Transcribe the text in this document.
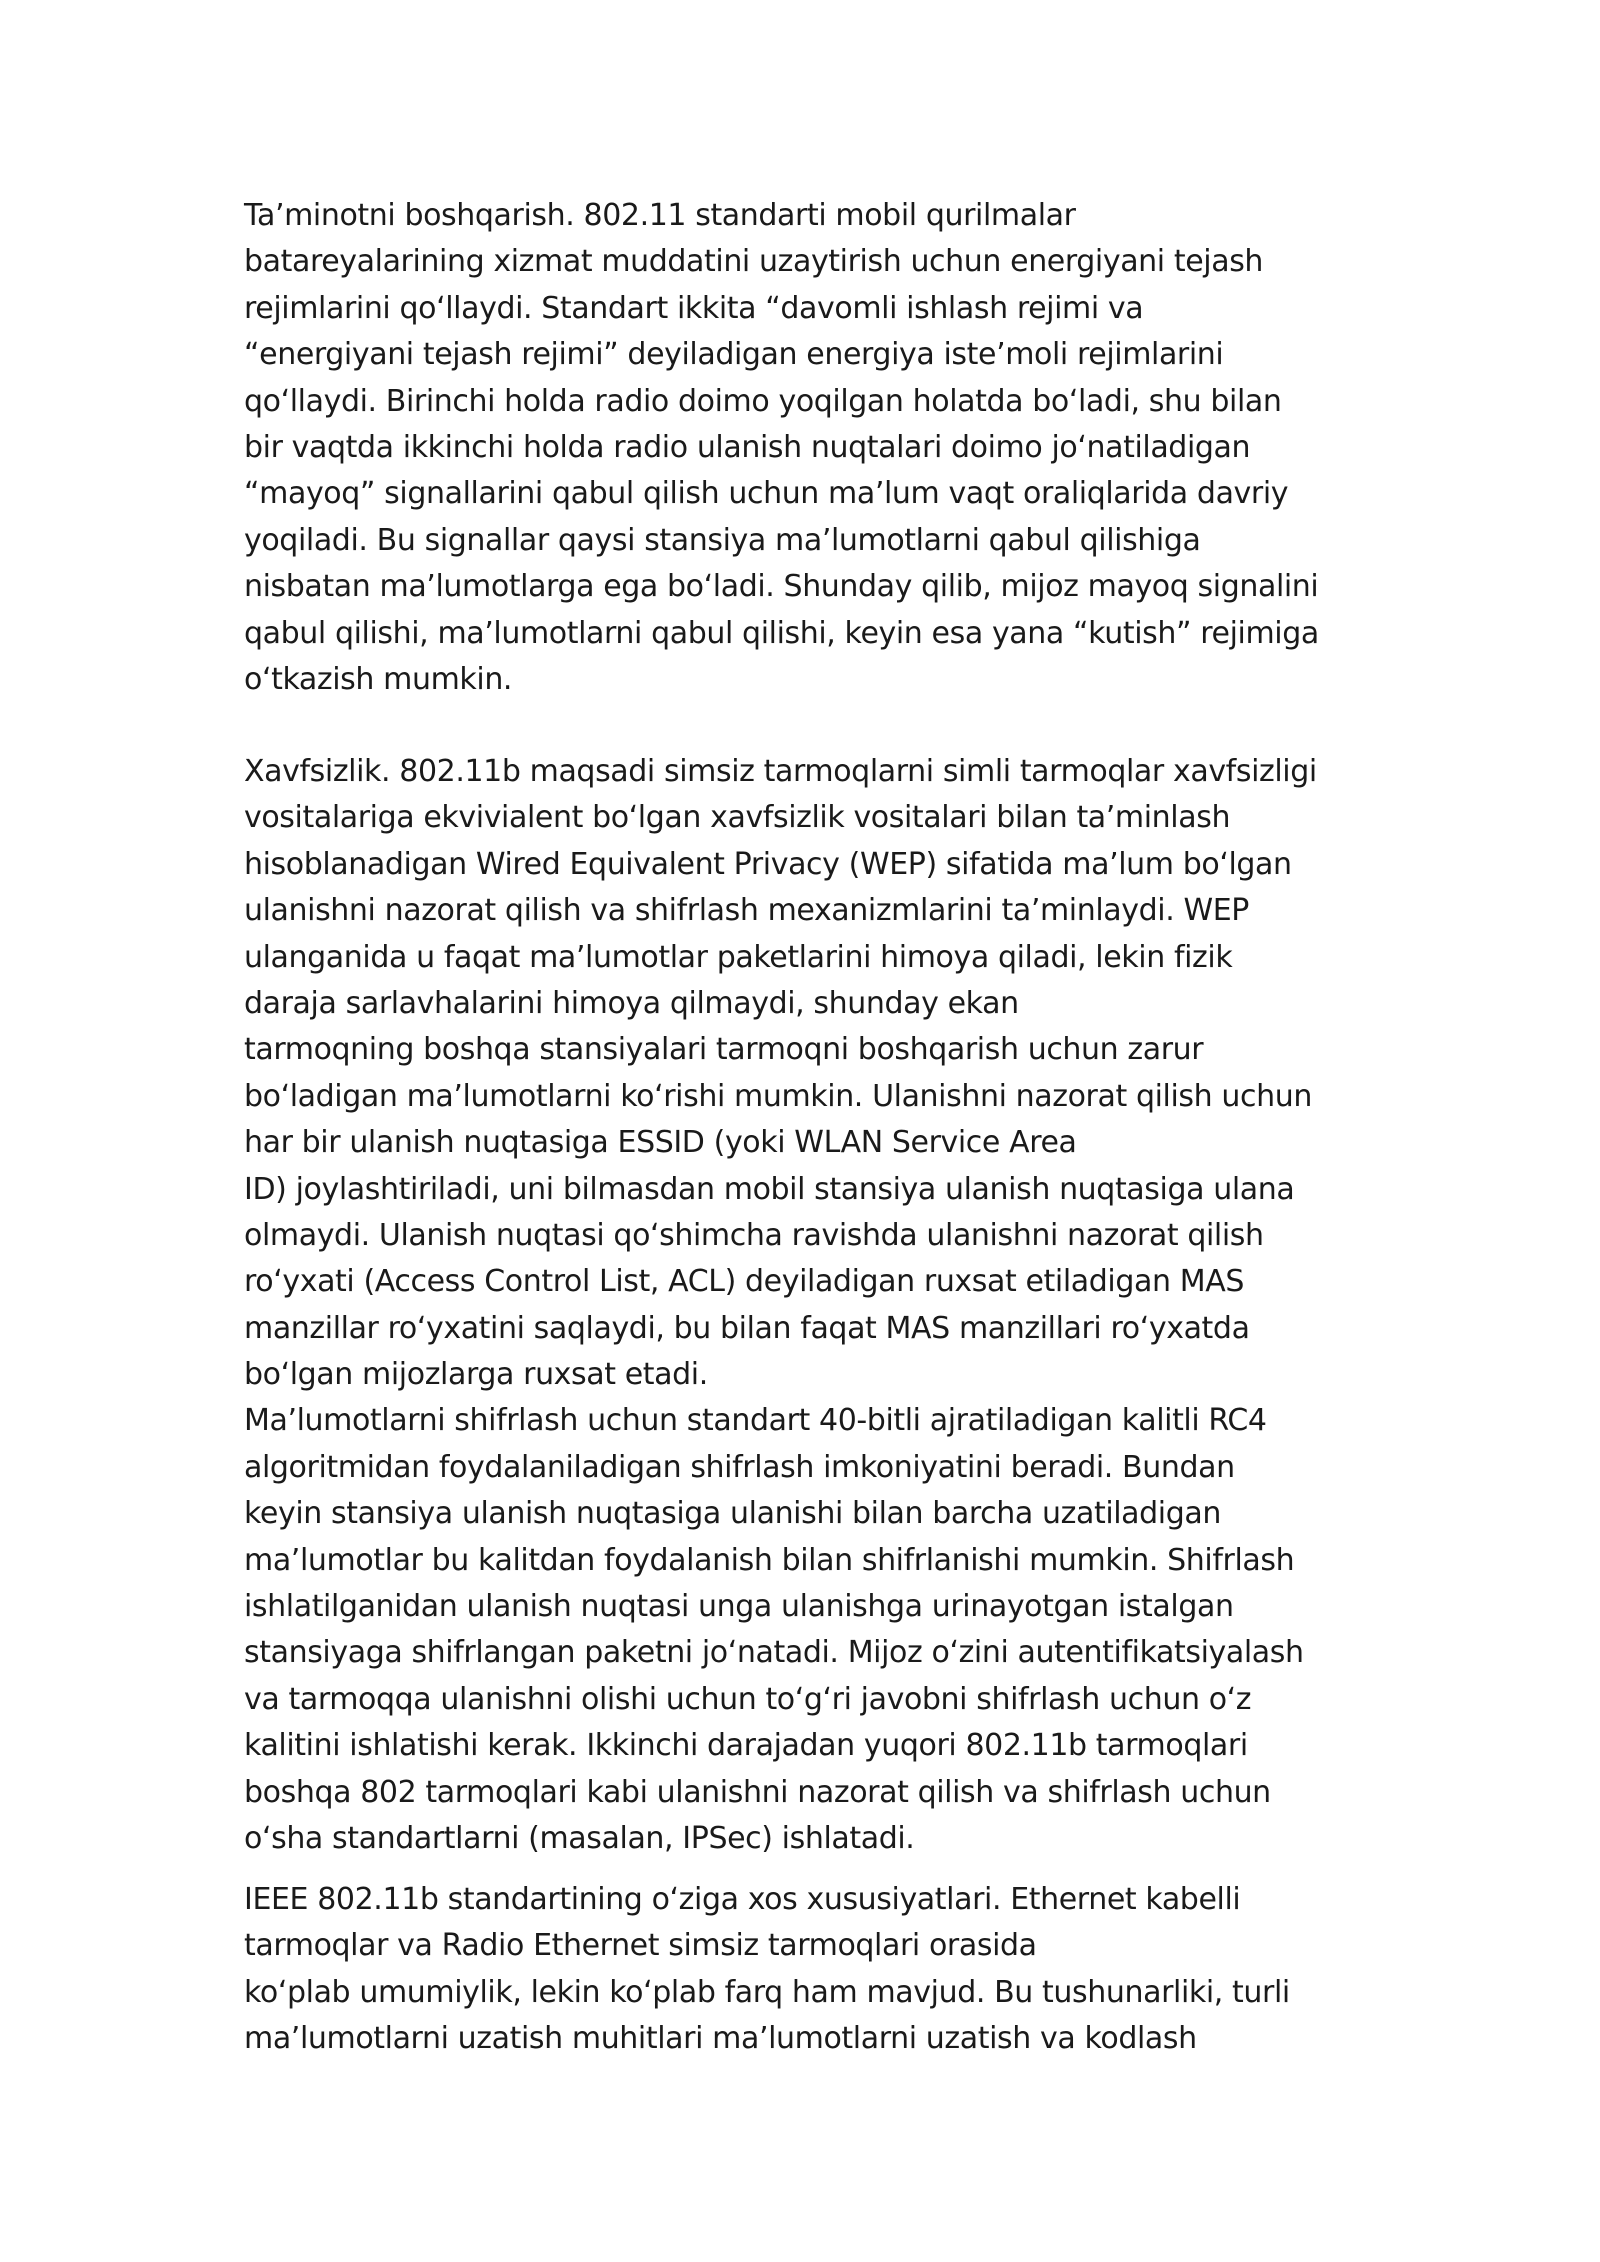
Ta’minotni boshqarish. 802.11 standarti mobil qurilmalar
batareyalarining xizmat muddatini uzaytirish uchun energiyani tejash
rejimlarini qo‘llaydi. Standart ikkita “davomli ishlash rejimi va
“energiyani tejash rejimi” deyiladigan energiya iste’moli rejimlarini
qo‘llaydi. Birinchi holda radio doimo yoqilgan holatda bo‘ladi, shu bilan
bir vaqtda ikkinchi holda radio ulanish nuqtalari doimo jo‘natiladigan
“mayoq” signallarini qabul qilish uchun ma’lum vaqt oraliqlarida davriy
yoqiladi. Bu signallar qaysi stansiya ma’lumotlarni qabul qilishiga
nisbatan ma’lumotlarga ega bo‘ladi. Shunday qilib, mijoz mayoq signalini
qabul qilishi, ma’lumotlarni qabul qilishi, keyin esa yana “kutish” rejimiga
o‘tkazish mumkin.
Xavfsizlik. 802.11b maqsadi simsiz tarmoqlarni simli tarmoqlar xavfsizligi
vositalariga ekvivialent bo‘lgan xavfsizlik vositalari bilan ta’minlash
hisoblanadigan Wired Equivalent Privacy (WEP) sifatida ma’lum bo‘lgan
ulanishni nazorat qilish va shifrlash mexanizmlarini ta’minlaydi. WEP
ulanganida u faqat ma’lumotlar paketlarini himoya qiladi, lekin fizik
daraja sarlavhalarini himoya qilmaydi, shunday ekan
tarmoqning boshqa stansiyalari tarmoqni boshqarish uchun zarur
bo‘ladigan ma’lumotlarni ko‘rishi mumkin. Ulanishni nazorat qilish uchun
har bir ulanish nuqtasiga ESSID (yoki WLAN Service Area
ID) joylashtiriladi, uni bilmasdan mobil stansiya ulanish nuqtasiga ulana
olmaydi. Ulanish nuqtasi qo‘shimcha ravishda ulanishni nazorat qilish
ro‘yxati (Access Control List, ACL) deyiladigan ruxsat etiladigan MAS
manzillar ro‘yxatini saqlaydi, bu bilan faqat MAS manzillari ro‘yxatda
bo‘lgan mijozlarga ruxsat etadi.
Ma’lumotlarni shifrlash uchun standart 40-bitli ajratiladigan kalitli RC4
algoritmidan foydalaniladigan shifrlash imkoniyatini beradi. Bundan
keyin stansiya ulanish nuqtasiga ulanishi bilan barcha uzatiladigan
ma’lumotlar bu kalitdan foydalanish bilan shifrlanishi mumkin. Shifrlash
ishlatilganidan ulanish nuqtasi unga ulanishga urinayotgan istalgan
stansiyaga shifrlangan paketni jo‘natadi. Mijoz o‘zini autentifikatsiyalash
va tarmoqqa ulanishni olishi uchun to‘g‘ri javobni shifrlash uchun o‘z
kalitini ishlatishi kerak. Ikkinchi darajadan yuqori 802.11b tarmoqlari
boshqa 802 tarmoqlari kabi ulanishni nazorat qilish va shifrlash uchun
o‘sha standartlarni (masalan, IPSec) ishlatadi.
IEEE 802.11b standartining o‘ziga xos xususiyatlari. Ethernet kabelli
tarmoqlar va Radio Ethernet simsiz tarmoqlari orasida
ko‘plab umumiylik, lekin ko‘plab farq ham mavjud. Bu tushunarliki, turli
ma’lumotlarni uzatish muhitlari ma’lumotlarni uzatish va kodlash
